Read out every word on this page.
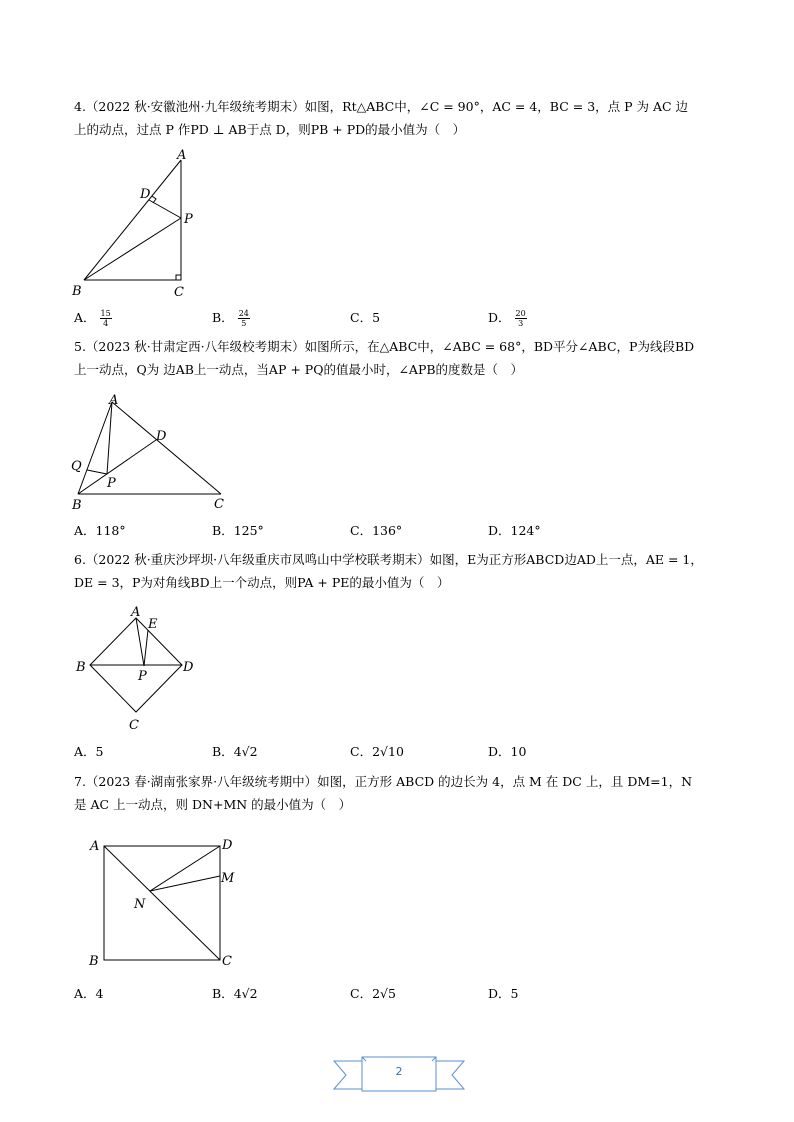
4.（2022 秋·安徽池州·九年级统考期末）如图，Rt△ABC中，∠C = 90°，AC = 4，BC = 3，点 P 为 AC 边
上的动点，过点 P 作PD ⊥ AB于点 D，则PB + PD的最小值为（　）
A
B	C
D
P
A． $\frac{15}{4}$	B． $\frac{24}{5}$	C．5	D． $\frac{20}{3}$
5.（2023 秋·甘肃定西·八年级校考期末）如图所示，在△ABC中，∠ABC = 68°，BD平分∠ABC，P为线段BD
上一动点，Q为 边AB上一动点，当AP + PQ的值最小时，∠APB的度数是（　）
A
B	C
D
P
Q
A．118°	B．125°	C．136°	D．124°
6.（2022 秋·重庆沙坪坝·八年级重庆市凤鸣山中学校联考期末）如图，E为正方形ABCD边AD上一点，AE = 1，
DE = 3，P为对角线BD上一个动点，则PA + PE的最小值为（　）
A
B
C
D
E
P
A．5	B．4√2	C．2√10	D．10
7.（2023 春·湖南张家界·八年级统考期中）如图，正方形 ABCD 的边长为 4，点 M 在 DC 上，且 DM=1，N
是 AC 上一动点，则 DN+MN 的最小值为（　）
A
B	C
D
M
N
A．4	B．4√2	C．2√5	D．5
2
